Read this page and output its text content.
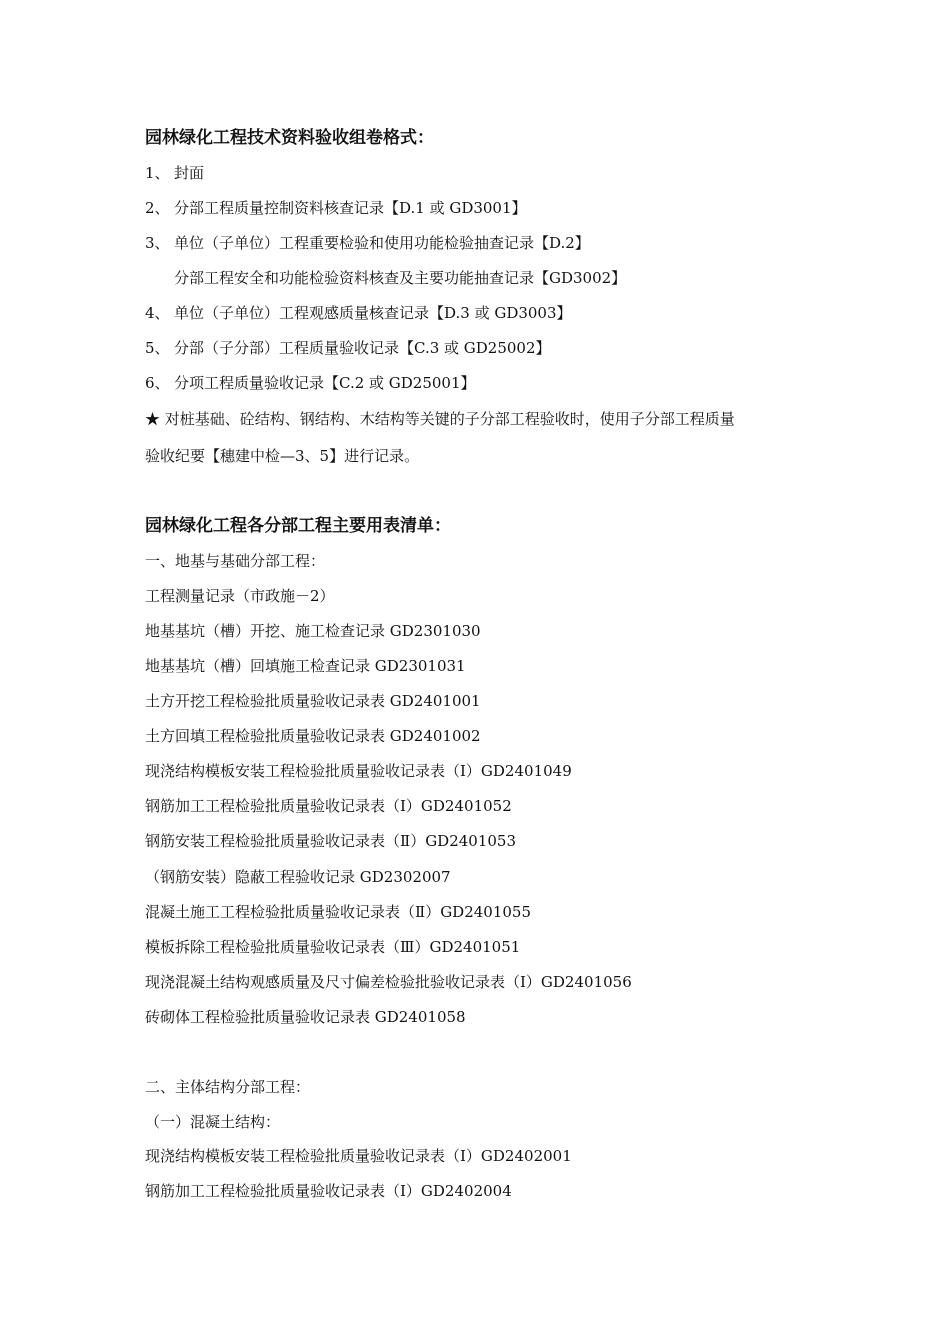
园林绿化工程技术资料验收组卷格式：
1、 封面
2、 分部工程质量控制资料核查记录【D.1 或 GD3001】
3、 单位（子单位）工程重要检验和使用功能检验抽查记录【D.2】
分部工程安全和功能检验资料核查及主要功能抽查记录【GD3002】
4、 单位（子单位）工程观感质量核查记录【D.3 或 GD3003】
5、 分部（子分部）工程质量验收记录【C.3 或 GD25002】
6、 分项工程质量验收记录【C.2 或 GD25001】
★ 对桩基础、砼结构、钢结构、木结构等关键的子分部工程验收时，使用子分部工程质量
验收纪要【穗建中检—3、5】进行记录。
园林绿化工程各分部工程主要用表清单：
一、地基与基础分部工程：
工程测量记录（市政施－2）
地基基坑（槽）开挖、施工检查记录 GD2301030
地基基坑（槽）回填施工检查记录 GD2301031
土方开挖工程检验批质量验收记录表 GD2401001
土方回填工程检验批质量验收记录表 GD2401002
现浇结构模板安装工程检验批质量验收记录表（Ⅰ）GD2401049
钢筋加工工程检验批质量验收记录表（Ⅰ）GD2401052
钢筋安装工程检验批质量验收记录表（Ⅱ）GD2401053
（钢筋安装）隐蔽工程验收记录 GD2302007
混凝土施工工程检验批质量验收记录表（Ⅱ）GD2401055
模板拆除工程检验批质量验收记录表（Ⅲ）GD2401051
现浇混凝土结构观感质量及尺寸偏差检验批验收记录表（Ⅰ）GD2401056
砖砌体工程检验批质量验收记录表 GD2401058
二、主体结构分部工程：
（一）混凝土结构：
现浇结构模板安装工程检验批质量验收记录表（Ⅰ）GD2402001
钢筋加工工程检验批质量验收记录表（Ⅰ）GD2402004
